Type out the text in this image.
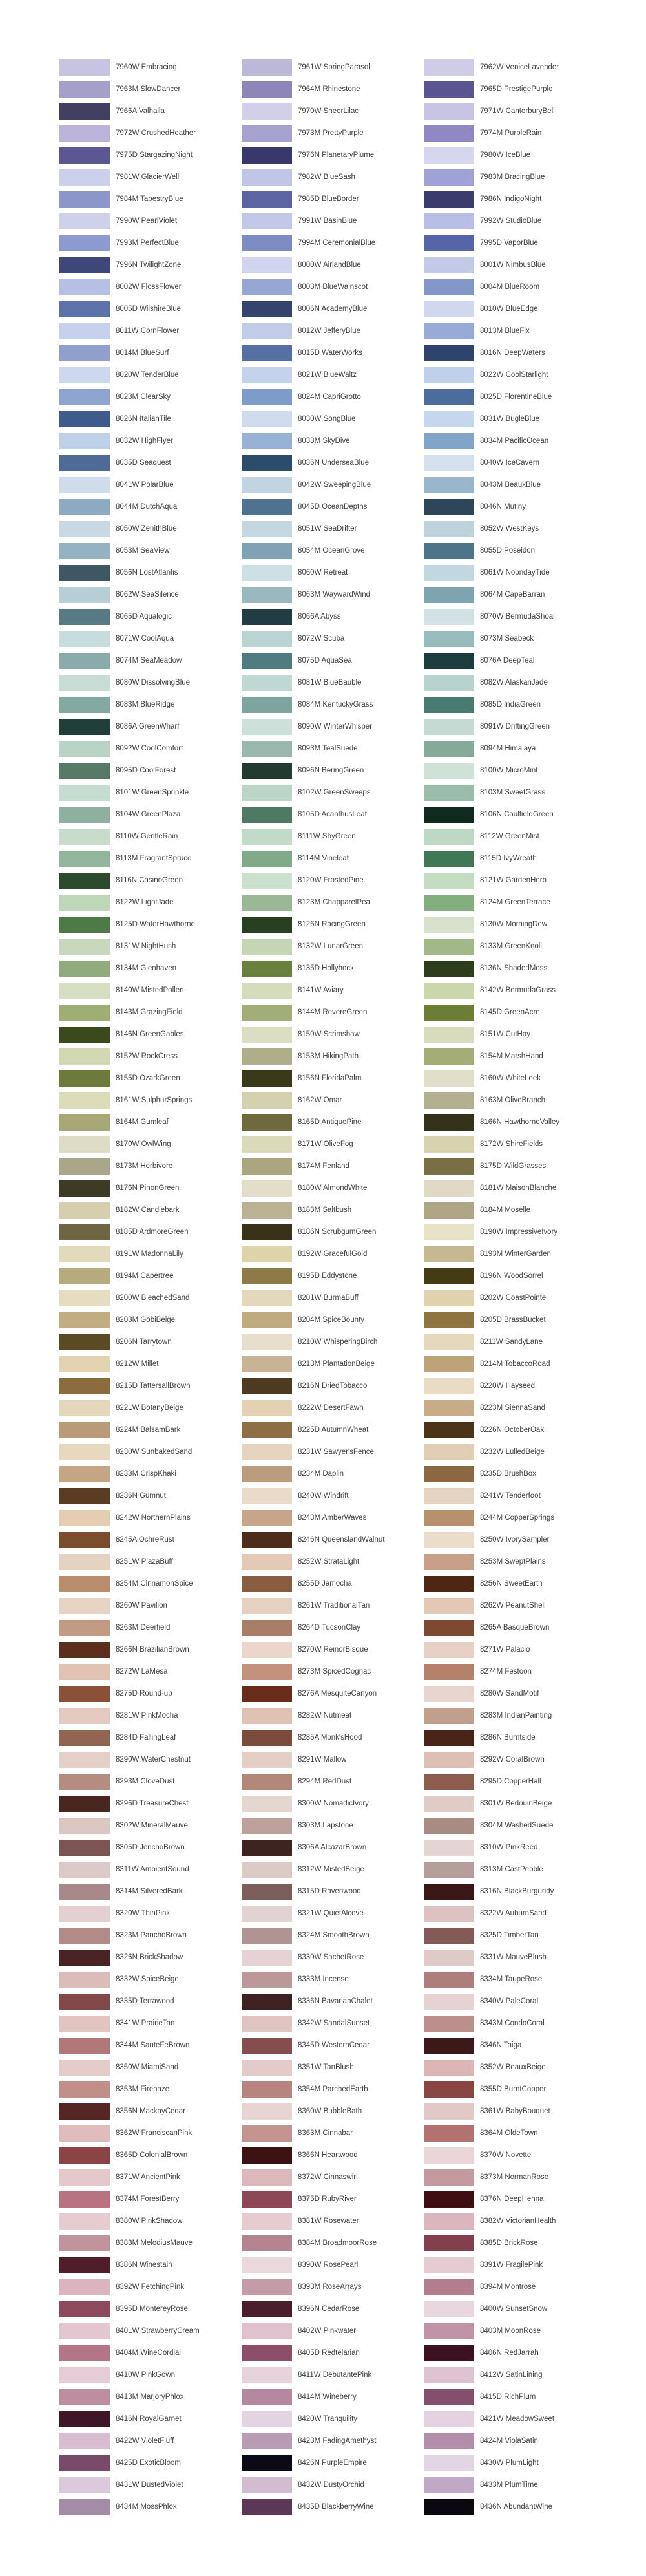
7960W Embracing
7963M SlowDancer
7966A Valhalla
7972W CrushedHeather
7975D StargazingNight
7981W GlacierWell
7984M TapestryBlue
7990W PearlViolet
7993M PerfectBlue
7996N TwilightZone
8002W FlossFlower
8005D WilshireBlue
8011W CornFlower
8014M BlueSurf
8020W TenderBlue
8023M ClearSky
8026N ItalianTile
8032W HighFlyer
8035D Seaquest
8041W PolarBlue
8044M DutchAqua
8050W ZenithBlue
8053M SeaView
8056N LostAtlantis
8062W SeaSilence
8065D Aqualogic
8071W CoolAqua
8074M SeaMeadow
8080W DissolvingBlue
8083M BlueRidge
8086A GreenWharf
8092W CoolComfort
8095D CoolForest
8101W GreenSprinkle
8104W GreenPlaza
8110W GentleRain
8113M FragrantSpruce
8116N CasinoGreen
8122W LightJade
8125D WaterHawthorne
8131W NightHush
8134M Glenhaven
8140W MistedPollen
8143M GrazingField
8146N GreenGables
8152W RockCress
8155D OzarkGreen
8161W SulphurSprings
8164M Gumleaf
8170W OwlWing
8173M Herbivore
8176N PinonGreen
8182W Candlebark
8185D ArdmoreGreen
8191W MadonnaLily
8194M Capertree
8200W BleachedSand
8203M GobiBeige
8206N Tarrytown
8212W Millet
8215D TattersallBrown
8221W BotanyBeige
8224M BalsamBark
8230W SunbakedSand
8233M CrispKhaki
8236N Gumnut
8242W NorthernPlains
8245A OchreRust
8251W PlazaBuff
8254M CinnamonSpice
8260W Pavilion
8263M Deerfield
8266N BrazilianBrown
8272W LaMesa
8275D Round-up
8281W PinkMocha
8284D FallingLeaf
8290W WaterChestnut
8293M CloveDust
8296D TreasureChest
8302W MineralMauve
8305D JerichoBrown
8311W AmbientSound
8314M SilveredBark
8320W ThinPink
8323M PanchoBrown
8326N BrickShadow
8332W SpiceBeige
8335D Terrawood
8341W PrairieTan
8344M SanteFeBrown
8350W MiamiSand
8353M Firehaze
8356N MackayCedar
8362W FranciscanPink
8365D ColonialBrown
8371W AncientPink
8374M ForestBerry
8380W PinkShadow
8383M MelodiusMauve
8386N Winestain
8392W FetchingPink
8395D MontereyRose
8401W StrawberryCream
8404M WineCordial
8410W PinkGown
8413M MarjoryPhlox
8416N RoyalGarnet
8422W VioletFluff
8425D ExoticBloom
8431W DustedViolet
8434M MossPhlox
7961W SpringParasol
7964M Rhinestone
7970W SheerLilac
7973M PrettyPurple
7976N PlanetaryPlume
7982W BlueSash
7985D BlueBorder
7991W BasinBlue
7994M CeremonialBlue
8000W AirlandBlue
8003M BlueWainscot
8006N AcademyBlue
8012W JefferyBlue
8015D WaterWorks
8021W BlueWaltz
8024M CapriGrotto
8030W SongBlue
8033M SkyDive
8036N UnderseaBlue
8042W SweepingBlue
8045D OceanDepths
8051W SeaDrifter
8054M OceanGrove
8060W Retreat
8063M WaywardWind
8066A Abyss
8072W Scuba
8075D AquaSea
8081W BlueBauble
8084M KentuckyGrass
8090W WinterWhisper
8093M TealSuede
8096N BeringGreen
8102W GreenSweeps
8105D AcanthusLeaf
8111W ShyGreen
8114M Vineleaf
8120W FrostedPine
8123M ChapparelPea
8126N RacingGreen
8132W LunarGreen
8135D Hollyhock
8141W Aviary
8144M RevereGreen
8150W Scrimshaw
8153M HikingPath
8156N FloridaPalm
8162W Omar
8165D AntiquePine
8171W OliveFog
8174M Fenland
8180W AlmondWhite
8183M Saltbush
8186N ScrubgumGreen
8192W GracefulGold
8195D Eddystone
8201W BurmaBuff
8204M SpiceBounty
8210W WhisperingBirch
8213M PlantationBeige
8216N DriedTobacco
8222W DesertFawn
8225D AutumnWheat
8231W Sawyer'sFence
8234M Daplin
8240W Windrift
8243M AmberWaves
8246N QueenslandWalnut
8252W StrataLight
8255D Jamocha
8261W TraditionalTan
8264D TucsonClay
8270W ReinorBisque
8273M SpicedCognac
8276A MesquiteCanyon
8282W Nutmeat
8285A Monk'sHood
8291W Mallow
8294M RedDust
8300W NomadicIvory
8303M Lapstone
8306A AlcazarBrown
8312W MistedBeige
8315D Ravenwood
8321W QuietAlcove
8324M SmoothBrown
8330W SachetRose
8333M Incense
8336N BavarianChalet
8342W SandalSunset
8345D WesternCedar
8351W TanBlush
8354M ParchedEarth
8360W BubbleBath
8363M Cinnabar
8366N Heartwood
8372W Cinnaswirl
8375D RubyRiver
8381W Rosewater
8384M BroadmoorRose
8390W RosePearl
8393M RoseArrays
8396N CedarRose
8402W Pinkwater
8405D Redtelarian
8411W DebutantePink
8414M Wineberry
8420W Tranquility
8423M FadingAmethyst
8426N PurpleEmpire
8432W DustyOrchid
8435D BlackberryWine
7962W VeniceLavender
7965D PrestigePurple
7971W CanterburyBell
7974M PurpleRain
7980W IceBlue
7983M BracingBlue
7986N IndigoNight
7992W StudioBlue
7995D VaporBlue
8001W NimbusBlue
8004M BlueRoom
8010W BlueEdge
8013M BlueFix
8016N DeepWaters
8022W CoolStarlight
8025D FlorentineBlue
8031W BugleBlue
8034M PacificOcean
8040W IceCavern
8043M BeauxBlue
8046N Mutiny
8052W WestKeys
8055D Poseidon
8061W NoondayTide
8064M CapeBarran
8070W BermudaShoal
8073M Seabeck
8076A DeepTeal
8082W AlaskanJade
8085D IndiaGreen
8091W DriftingGreen
8094M Himalaya
8100W MicroMint
8103M SweetGrass
8106N CaulfieldGreen
8112W GreenMist
8115D IvyWreath
8121W GardenHerb
8124M GreenTerrace
8130W MorningDew
8133M GreenKnoll
8136N ShadedMoss
8142W BermudaGrass
8145D GreenAcre
8151W CutHay
8154M MarshHand
8160W WhiteLeek
8163M OliveBranch
8166N HawthorneValley
8172W ShireFields
8175D WildGrasses
8181W MaisonBlanche
8184M Moselle
8190W ImpressiveIvory
8193M WinterGarden
8196N WoodSorrel
8202W CoastPointe
8205D BrassBucket
8211W SandyLane
8214M TobaccoRoad
8220W Hayseed
8223M SiennaSand
8226N OctoberOak
8232W LulledBeige
8235D BrushBox
8241W Tenderfoot
8244M CopperSprings
8250W IvorySampler
8253M SweptPlains
8256N SweetEarth
8262W PeanutShell
8265A BasqueBrown
8271W Palacio
8274M Festoon
8280W SandMotif
8283M IndianPainting
8286N Burntside
8292W CoralBrown
8295D CopperHall
8301W BedouinBeige
8304M WashedSuede
8310W PinkReed
8313M CastPebble
8316N BlackBurgundy
8322W AuburnSand
8325D TimberTan
8331W MauveBlush
8334M TaupeRose
8340W PaleCoral
8343M CondoCoral
8346N Taiga
8352W BeauxBeige
8355D BurntCopper
8361W BabyBouquet
8364M OldeTown
8370W Novette
8373M NormanRose
8376N DeepHenna
8382W VictorianHealth
8385D BrickRose
8391W FragilePink
8394M Montrose
8400W SunsetSnow
8403M MoonRose
8406N RedJarrah
8412W SatinLining
8415D RichPlum
8421W MeadowSweet
8424M ViolaSatin
8430W PlumLight
8433M PlumTime
8436N AbundantWine
